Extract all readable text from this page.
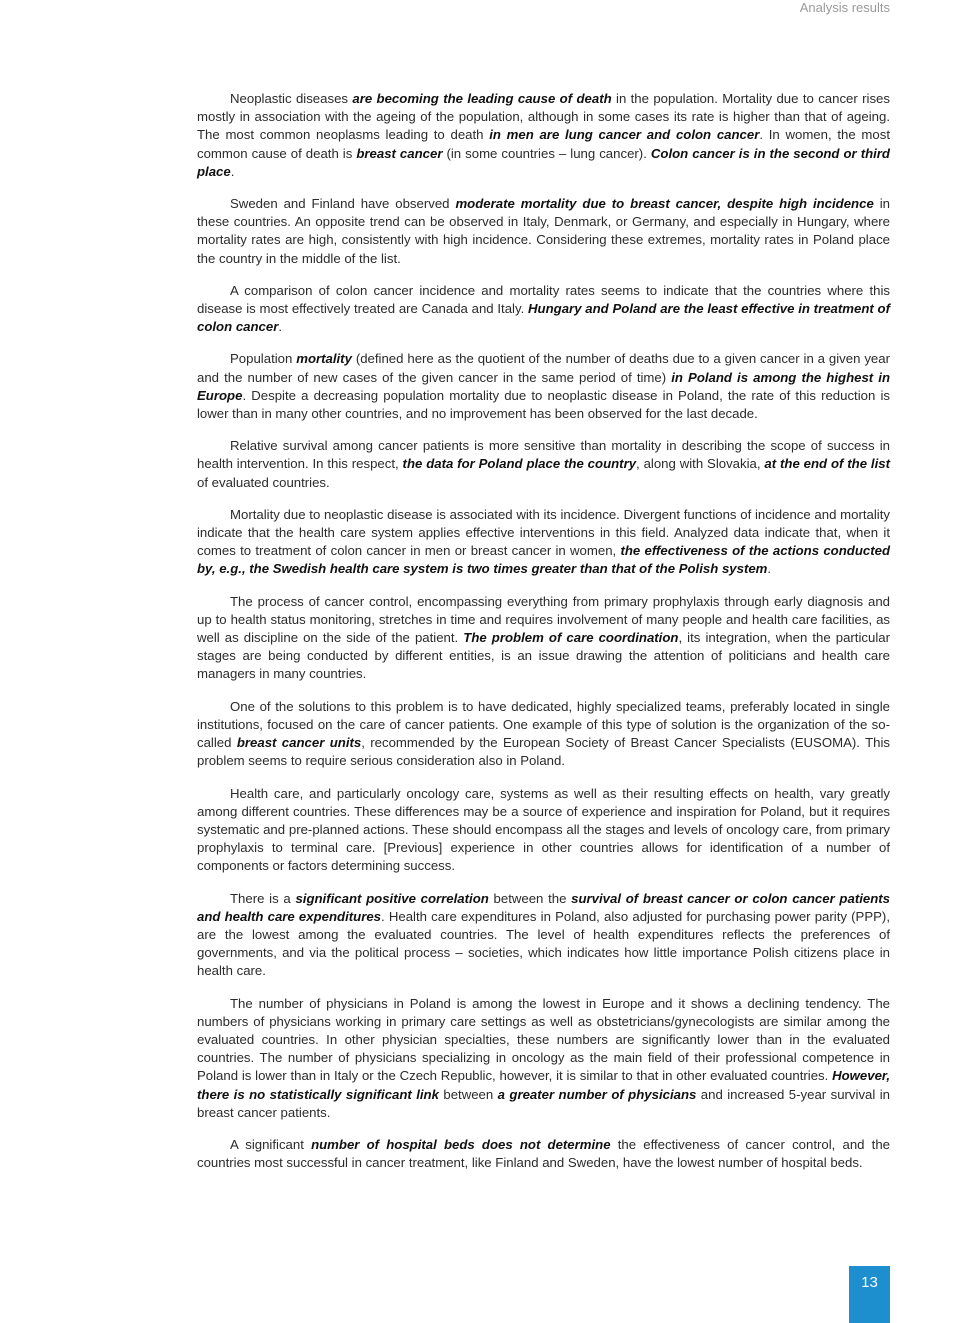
Analysis results

Neoplastic diseases are becoming the leading cause of death in the population. Mortality due to cancer rises mostly in association with the ageing of the population, although in some cases its rate is higher than that of ageing. The most common neoplasms leading to death in men are lung cancer and colon cancer. In women, the most common cause of death is breast cancer (in some countries – lung cancer). Colon cancer is in the second or third place.

Sweden and Finland have observed moderate mortality due to breast cancer, despite high incidence in these countries. An opposite trend can be observed in Italy, Denmark, or Germany, and especially in Hungary, where mortality rates are high, consistently with high incidence. Considering these extremes, mortality rates in Poland place the country in the middle of the list.

A comparison of colon cancer incidence and mortality rates seems to indicate that the countries where this disease is most effectively treated are Canada and Italy. Hungary and Poland are the least effective in treatment of colon cancer.

Population mortality (defined here as the quotient of the number of deaths due to a given cancer in a given year and the number of new cases of the given cancer in the same period of time) in Poland is among the highest in Europe. Despite a decreasing population mortality due to neoplastic disease in Poland, the rate of this reduction is lower than in many other countries, and no improvement has been observed for the last decade.

Relative survival among cancer patients is more sensitive than mortality in describing the scope of success in health intervention. In this respect, the data for Poland place the country, along with Slovakia, at the end of the list of evaluated countries.

Mortality due to neoplastic disease is associated with its incidence. Divergent functions of incidence and mortality indicate that the health care system applies effective interventions in this field. Analyzed data indicate that, when it comes to treatment of colon cancer in men or breast cancer in women, the effectiveness of the actions conducted by, e.g., the Swedish health care system is two times greater than that of the Polish system.

The process of cancer control, encompassing everything from primary prophylaxis through early diagnosis and up to health status monitoring, stretches in time and requires involvement of many people and health care facilities, as well as discipline on the side of the patient. The problem of care coordination, its integration, when the particular stages are being conducted by different entities, is an issue drawing the attention of politicians and health care managers in many countries.

One of the solutions to this problem is to have dedicated, highly specialized teams, preferably located in single institutions, focused on the care of cancer patients. One example of this type of solution is the organization of the so-called breast cancer units, recommended by the European Society of Breast Cancer Specialists (EUSOMA). This problem seems to require serious consideration also in Poland.

Health care, and particularly oncology care, systems as well as their resulting effects on health, vary greatly among different countries. These differences may be a source of experience and inspiration for Poland, but it requires systematic and pre-planned actions. These should encompass all the stages and levels of oncology care, from primary prophylaxis to terminal care. [Previous] experience in other countries allows for identification of a number of components or factors determining success.

There is a significant positive correlation between the survival of breast cancer or colon cancer patients and health care expenditures. Health care expenditures in Poland, also adjusted for purchasing power parity (PPP), are the lowest among the evaluated countries. The level of health expenditures reflects the preferences of governments, and via the political process – societies, which indicates how little importance Polish citizens place in health care.

The number of physicians in Poland is among the lowest in Europe and it shows a declining tendency. The numbers of physicians working in primary care settings as well as obstetricians/gynecologists are similar among the evaluated countries. In other physician specialties, these numbers are significantly lower than in the evaluated countries. The number of physicians specializing in oncology as the main field of their professional competence in Poland is lower than in Italy or the Czech Republic, however, it is similar to that in other evaluated countries. However, there is no statistically significant link between a greater number of physicians and increased 5-year survival in breast cancer patients.

A significant number of hospital beds does not determine the effectiveness of cancer control, and the countries most successful in cancer treatment, like Finland and Sweden, have the lowest number of hospital beds.

13
